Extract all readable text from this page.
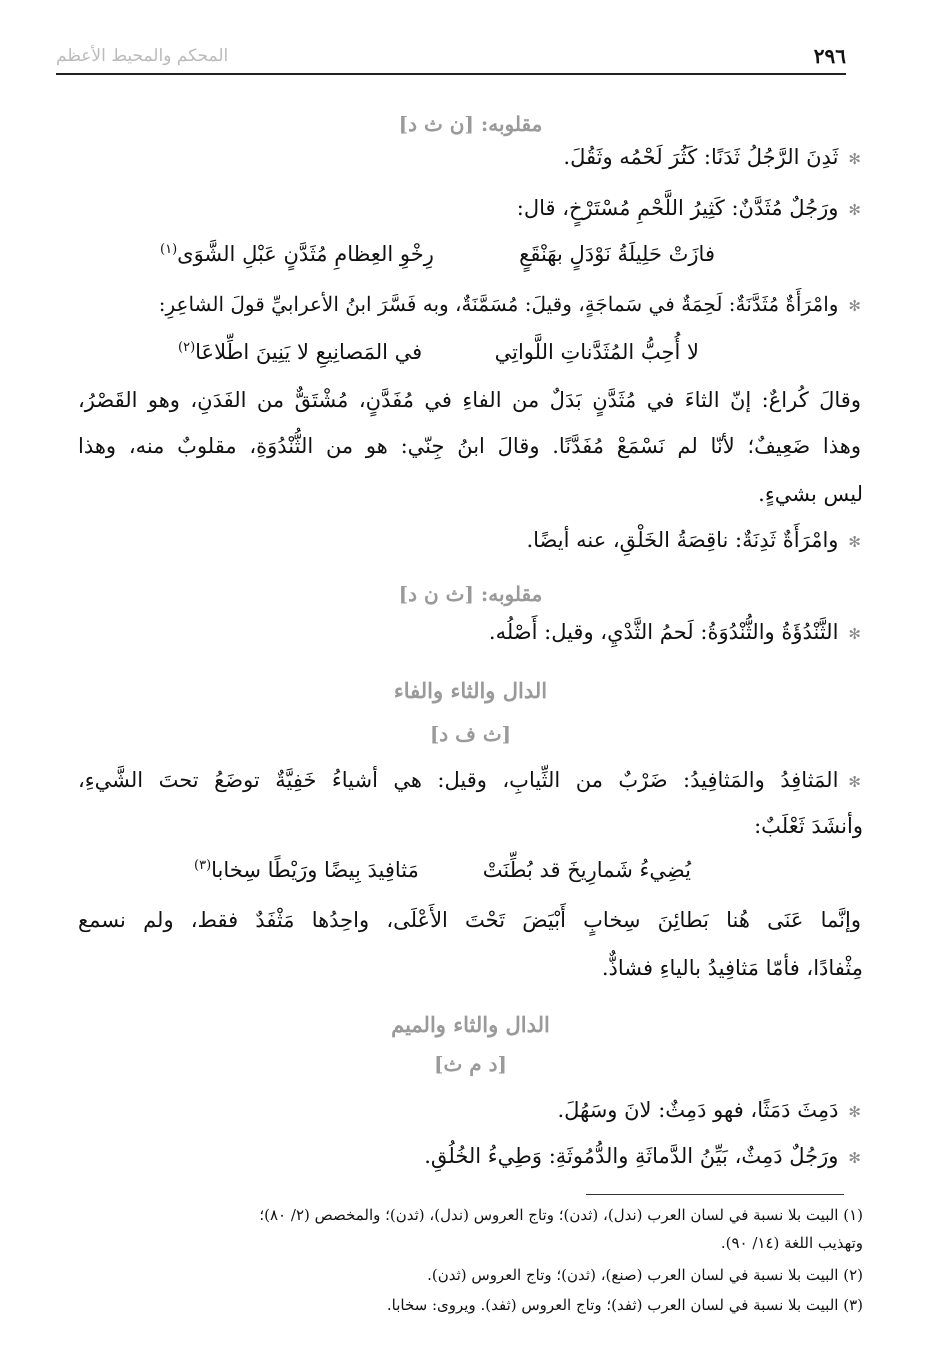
٢٩٦
المحكم والمحيط الأعظم
مقلوبه: [ن ث د]
✻ثَدِنَ الرَّجُلُ ثَدَنًا: كَثُرَ لَحْمُه وثَقُلَ.
✻ورَجُلٌ مُثَدَّنٌ: كَثِيرُ اللَّحْمِ مُسْتَرْخٍ، قال:
فازَتْ حَلِيلَةُ نَوْدَلٍ بهَنْقَعٍ
رِخْوِ العِظامِ مُثَدَّنٍ عَبْلِ الشَّوَى$^{(١)}$
✻وامْرَأَةٌ مُثَدَّنَةٌ: لَحِمَةٌ في سَماجَةٍ، وقيلَ: مُسَمَّنَةٌ، وبه فَسَّرَ ابنُ الأعرابيِّ قولَ الشاعِرِ:
لا أُحِبُّ المُثَدَّناتِ اللَّواتِي
في المَصانِيعِ لا يَنِينَ اطِّلاعَا$^{(٢)}$
وقالَ كُراعٌ: إنّ الثاءَ في مُثَدَّنٍ بَدَلٌ من الفاءِ في مُفَدَّنٍ، مُشْتَقٌّ من الفَدَنِ، وهو القَصْرُ،
وهذا ضَعِيفٌ؛ لأنّا لم نَسْمَعْ مُفَدَّنًا. وقالَ ابنُ جِنّي: هو من الثُّنْدُوَةِ، مقلوبٌ منه، وهذا
ليس بشيءٍ.
✻وامْرَأَةٌ ثَدِنَةٌ: ناقِصَةُ الخَلْقِ، عنه أيضًا.
مقلوبه: [ث ن د]
✻الثَّنْدُؤَةُ والثُّنْدُوَةُ: لَحمُ الثَّدْيِ، وقيل: أَصْلُه.
الدال والثاء والفاء
[ث ف د]
✻المَثافِدُ والمَثافِيدُ: ضَرْبٌ من الثِّيابِ، وقيل: هي أشياءُ خَفِيَّةٌ توضَعُ تحتَ الشَّيءِ،
وأنشَدَ ثَعْلَبٌ:
يُضِيءُ شَمارِيخَ قد بُطِّنَتْ
مَثافِيدَ بِيضًا ورَيْطًا سِخابا$^{(٣)}$
وإنَّما عَنَى هُنا بَطائِنَ سِخابٍ أَبْيَضَ تَحْتَ الأَعْلَى، واحِدُها مَثْفَدٌ فقط، ولم نسمع
مِثْفادًا، فأمّا مَثافِيدُ بالياءِ فشاذٌّ.
الدال والثاء والميم
[د م ث]
✻دَمِثَ دَمَثًا، فهو دَمِثٌ: لانَ وسَهُلَ.
✻ورَجُلٌ دَمِثٌ، بَيِّنُ الدَّماثَةِ والدُّمُوثَةِ: وَطِيءُ الخُلُقِ.
(١) البيت بلا نسبة في لسان العرب (ندل)، (ثدن)؛ وتاج العروس (ندل)، (ثدن)؛ والمخصص (٢/ ٨٠)؛
وتهذيب اللغة (١٤/ ٩٠).
(٢) البيت بلا نسبة في لسان العرب (صنع)، (ثدن)؛ وتاج العروس (ثدن).
(٣) البيت بلا نسبة في لسان العرب (ثفد)؛ وتاج العروس (ثفد). ويروى: سخابا.
